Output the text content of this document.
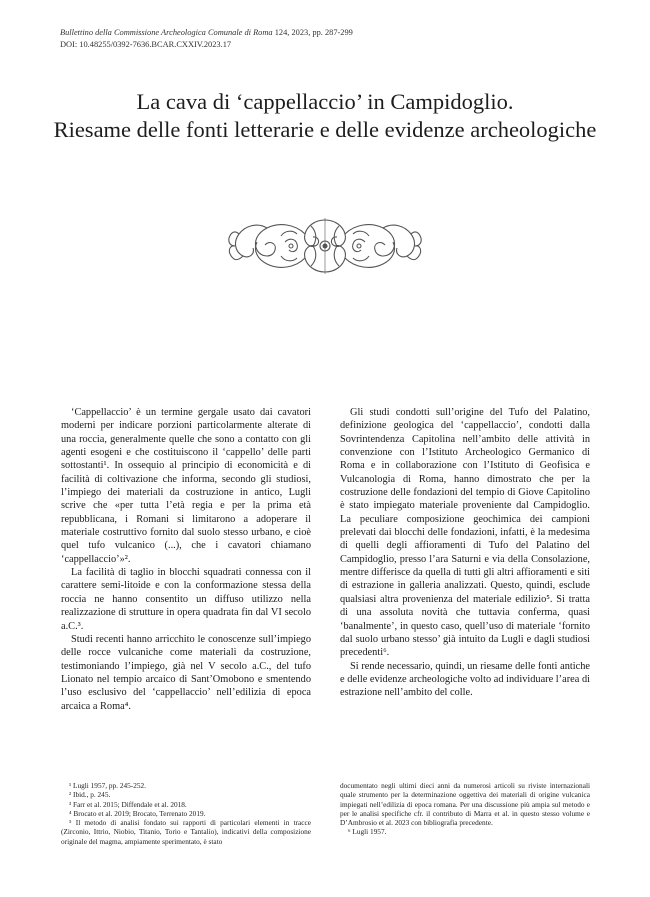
Bullettino della Commissione Archeologica Comunale di Roma 124, 2023, pp. 287-299
DOI: 10.48255/0392-7636.BCAR.CXXIV.2023.17
La cava di ‘cappellaccio’ in Campidoglio.
Riesame delle fonti letterarie e delle evidenze archeologiche

‘Cappellaccio’ è un termine gergale usato dai cavatori moderni per indicare porzioni particolarmente alterate di una roccia, generalmente quelle che sono a contatto con gli agenti esogeni e che costituiscono il ‘cappello’ delle parti sottostanti¹. In ossequio al principio di economicità e di facilità di coltivazione che informa, secondo gli studiosi, l’impiego dei materiali da costruzione in antico, Lugli scrive che «per tutta l’età regia e per la prima età repubblicana, i Romani si limitarono a adoperare il materiale costruttivo fornito dal suolo stesso urbano, e cioè quel tufo vulcanico (...), che i cavatori chiamano ‘cappellaccio’»².

La facilità di taglio in blocchi squadrati connessa con il carattere semi-litoide e con la conformazione stessa della roccia ne hanno consentito un diffuso utilizzo nella realizzazione di strutture in opera quadrata fin dal VI secolo a.C.³.

Studi recenti hanno arricchito le conoscenze sull’impiego delle rocce vulcaniche come materiali da costruzione, testimoniando l’impiego, già nel V secolo a.C., del tufo Lionato nel tempio arcaico di Sant’Omobono e smentendo l’uso esclusivo del ‘cappellaccio’ nell’edilizia di epoca arcaica a Roma⁴.

Gli studi condotti sull’origine del Tufo del Palatino, definizione geologica del ‘cappellaccio’, condotti dalla Sovrintendenza Capitolina nell’ambito delle attività in convenzione con l’Istituto Archeologico Germanico di Roma e in collaborazione con l’Istituto di Geofisica e Vulcanologia di Roma, hanno dimostrato che per la costruzione delle fondazioni del tempio di Giove Capitolino è stato impiegato materiale proveniente dal Campidoglio. La peculiare composizione geochimica dei campioni prelevati dai blocchi delle fondazioni, infatti, è la medesima di quelli degli affioramenti di Tufo del Palatino del Campidoglio, presso l’ara Saturni e via della Consolazione, mentre differisce da quella di tutti gli altri affioramenti e siti di estrazione in galleria analizzati. Questo, quindi, esclude qualsiasi altra provenienza del materiale edilizio⁵. Si tratta di una assoluta novità che tuttavia conferma, quasi ‘banalmente’, in questo caso, quell’uso di materiale ‘fornito dal suolo urbano stesso’ già intuito da Lugli e dagli studiosi precedenti⁶.

Si rende necessario, quindi, un riesame delle fonti antiche e delle evidenze archeologiche volto ad individuare l’area di estrazione nell’ambito del colle.

¹ Lugli 1957, pp. 245-252.
² Ibid., p. 245.
³ Farr et al. 2015; Diffendale et al. 2018.
⁴ Brocato et al. 2019; Brocato, Terrenato 2019.
⁵ Il metodo di analisi fondato sui rapporti di particolari elementi in tracce (Zirconio, Ittrio, Niobio, Titanio, Torio e Tantalio), indicativi della composizione originale del magma, ampiamente sperimentato, è stato
documentato negli ultimi dieci anni da numerosi articoli su riviste internazionali quale strumento per la determinazione oggettiva dei materiali di origine vulcanica impiegati nell’edilizia di epoca romana. Per una discussione più ampia sul metodo e per le analisi specifiche cfr. il contributo di Marra et al. in questo stesso volume e D’Ambrosio et al. 2023 con bibliografia precedente.
⁶ Lugli 1957.
